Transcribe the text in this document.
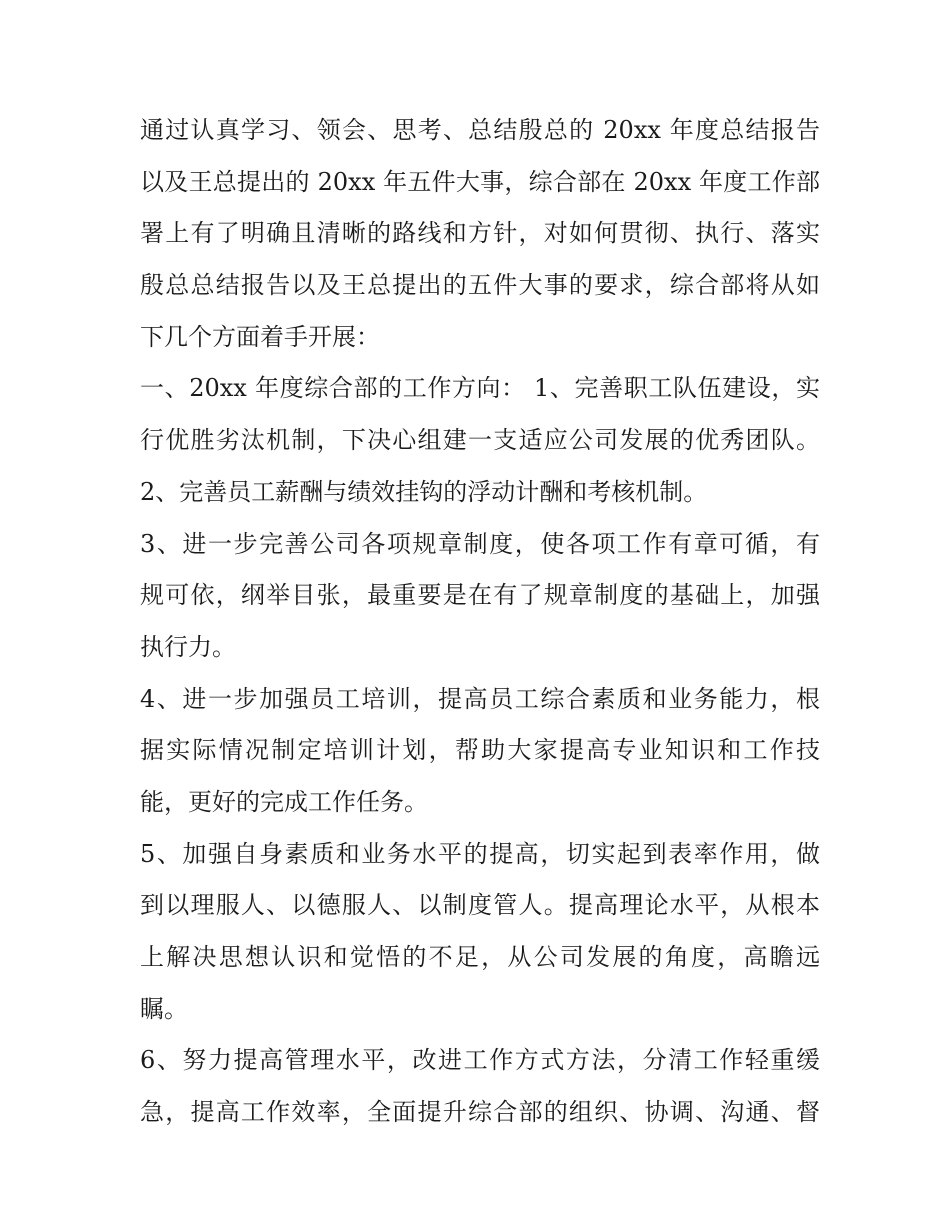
通过认真学习、领会、思考、总结殷总的 20xx 年度总结报告
以及王总提出的 20xx 年五件大事，综合部在 20xx 年度工作部
署上有了明确且清晰的路线和方针，对如何贯彻、执行、落实
殷总总结报告以及王总提出的五件大事的要求，综合部将从如
下几个方面着手开展：
一、20xx 年度综合部的工作方向： 1、完善职工队伍建设，实
行优胜劣汰机制，下决心组建一支适应公司发展的优秀团队。
2、完善员工薪酬与绩效挂钩的浮动计酬和考核机制。
3、进一步完善公司各项规章制度，使各项工作有章可循，有
规可依，纲举目张，最重要是在有了规章制度的基础上，加强
执行力。
4、进一步加强员工培训，提高员工综合素质和业务能力，根
据实际情况制定培训计划，帮助大家提高专业知识和工作技
能，更好的完成工作任务。
5、加强自身素质和业务水平的提高，切实起到表率作用，做
到以理服人、以德服人、以制度管人。提高理论水平，从根本
上解决思想认识和觉悟的不足，从公司发展的角度，高瞻远
瞩。
6、努力提高管理水平，改进工作方式方法，分清工作轻重缓
急，提高工作效率，全面提升综合部的组织、协调、沟通、督
